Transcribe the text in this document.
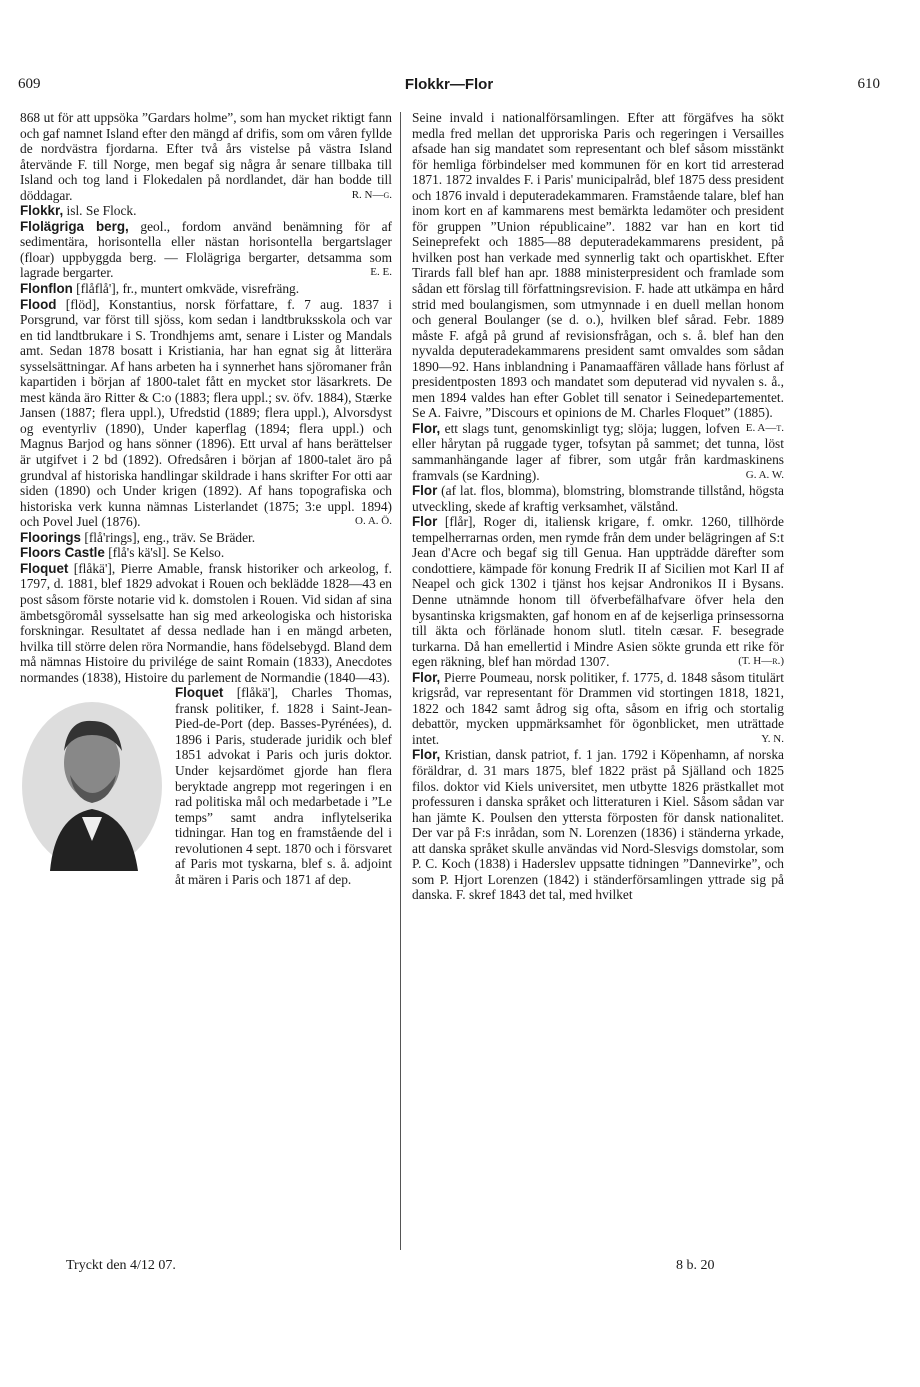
609	Flokkr—Flor	610

868 ut för att uppsöka ”Gardars holme”, som han mycket riktigt fann och gaf namnet Island efter den mängd af drifis, som om våren fyllde de nordvästra fjordarna. Efter två års vistelse på västra Island återvände F. till Norge, men begaf sig några år senare tillbaka till Island och tog land i Flokedalen på nordlandet, där han bodde till döddagar.	R. N—g.

Flokkr, isl. Se Flock.

Flolägriga berg, geol., fordom använd benämning för af sedimentära, horisontella eller nästan horisontella bergartslager (floar) uppbyggda berg. — Flolägriga bergarter, detsamma som lagrade bergarter.	E. E.

Flonflon [flåflå'], fr., muntert omkväde, visrefräng.

Flood [flöd], Konstantius, norsk författare, f. 7 aug. 1837 i Porsgrund, var först till sjöss, kom sedan i landtbruksskola och var en tid landtbrukare i S. Trondhjems amt, senare i Lister og Mandals amt. Sedan 1878 bosatt i Kristiania, har han egnat sig åt litterära sysselsättningar. Af hans arbeten ha i synnerhet hans sjöromaner från kapartiden i början af 1800-talet fått en mycket stor läsarkrets. De mest kända äro Ritter & C:o (1883; flera uppl.; sv. öfv. 1884), Stærke Jansen (1887; flera uppl.), Ufredstid (1889; flera uppl.), Alvorsdyst og eventyrliv (1890), Under kaperflag (1894; flera uppl.) och Magnus Barjod og hans sönner (1896). Ett urval af hans berättelser är utgifvet i 2 bd (1892). Ofredsåren i början af 1800-talet äro på grundval af historiska handlingar skildrade i hans skrifter For otti aar siden (1890) och Under krigen (1892). Af hans topografiska och historiska verk kunna nämnas Listerlandet (1875; 3:e uppl. 1894) och Povel Juel (1876).	O. A. Ö.

Floorings [flå'rings], eng., träv. Se Bräder.

Floors Castle [flå's kä'sl]. Se Kelso.

Floquet [flåkä'], Pierre Amable, fransk historiker och arkeolog, f. 1797, d. 1881, blef 1829 advokat i Rouen och beklädde 1828—43 en post såsom förste notarie vid k. domstolen i Rouen. Vid sidan af sina ämbetsgöromål sysselsatte han sig med arkeologiska och historiska forskningar. Resultatet af dessa nedlade han i en mängd arbeten, hvilka till större delen röra Normandie, hans födelsebygd. Bland dem må nämnas Histoire du privilége de saint Romain (1833), Anecdotes normandes (1838), Histoire du parlement de Normandie (1840—43).

Floquet [flåkä'], Charles Thomas, fransk politiker, f. 1828 i Saint-Jean-Pied-de-Port (dep. Basses-Pyrénées), d. 1896 i Paris, studerade juridik och blef 1851 advokat i Paris och juris doktor. Under kejsardömet gjorde han flera beryktade angrepp mot regeringen i en rad politiska mål och medarbetade i ”Le temps” samt andra inflytelserika tidningar. Han tog en framstående del i revolutionen 4 sept. 1870 och i försvaret af Paris mot tyskarna, blef s. å. adjoint åt mären i Paris och 1871 af dep.

Seine invald i nationalförsamlingen. Efter att förgäfves ha sökt medla fred mellan det upproriska Paris och regeringen i Versailles afsade han sig mandatet som representant och blef såsom misstänkt för hemliga förbindelser med kommunen för en kort tid arresterad 1871. 1872 invaldes F. i Paris' municipalråd, blef 1875 dess president och 1876 invald i deputeradekammaren. Framstående talare, blef han inom kort en af kammarens mest bemärkta ledamöter och president för gruppen ”Union républicaine”. 1882 var han en kort tid Seineprefekt och 1885—88 deputeradekammarens president, på hvilken post han verkade med synnerlig takt och opartiskhet. Efter Tirards fall blef han apr. 1888 ministerpresident och framlade som sådan ett förslag till författningsrevision. F. hade att utkämpa en hård strid med boulangismen, som utmynnade i en duell mellan honom och general Boulanger (se d. o.), hvilken blef sårad. Febr. 1889 måste F. afgå på grund af revisionsfrågan, och s. å. blef han den nyvalda deputeradekammarens president samt omvaldes som sådan 1890—92. Hans inblandning i Panamaaffären vållade hans förlust af presidentposten 1893 och mandatet som deputerad vid nyvalen s. å., men 1894 valdes han efter Goblet till senator i Seinedepartementet. Se A. Faivre, ”Discours et opinions de M. Charles Floquet” (1885).
E. A—t.

Flor, ett slags tunt, genomskinligt tyg; slöja; luggen, lofven eller hårytan på ruggade tyger, tofsytan på sammet; det tunna, löst sammanhängande lager af fibrer, som utgår från kardmaskinens framvals (se Kardning).	G. A. W.

Flor (af lat. flos, blomma), blomstring, blomstrande tillstånd, högsta utveckling, skede af kraftig verksamhet, välstånd.

Flor [flår], Roger di, italiensk krigare, f. omkr. 1260, tillhörde tempelherrarnas orden, men rymde från dem under belägringen af S:t Jean d'Acre och begaf sig till Genua. Han uppträdde därefter som condottiere, kämpade för konung Fredrik II af Sicilien mot Karl II af Neapel och gick 1302 i tjänst hos kejsar Andronikos II i Bysans. Denne utnämnde honom till öfverbefälhafvare öfver hela den bysantinska krigsmakten, gaf honom en af de kejserliga prinsessorna till äkta och förlänade honom slutl. titeln cæsar. F. besegrade turkarna. Då han emellertid i Mindre Asien sökte grunda ett rike för egen räkning, blef han mördad 1307.	(T. H—r.)

Flor, Pierre Poumeau, norsk politiker, f. 1775, d. 1848 såsom titulärt krigsråd, var representant för Drammen vid stortingen 1818, 1821, 1822 och 1842 samt ådrog sig ofta, såsom en ifrig och stortalig debattör, mycken uppmärksamhet för ögonblicket, men uträttade intet.	Y. N.

Flor, Kristian, dansk patriot, f. 1 jan. 1792 i Köpenhamn, af norska föräldrar, d. 31 mars 1875, blef 1822 präst på Själland och 1825 filos. doktor vid Kiels universitet, men utbytte 1826 prästkallet mot professuren i danska språket och litteraturen i Kiel. Såsom sådan var han jämte K. Poulsen den yttersta förposten för dansk nationalitet. Der var på F:s inrådan, som N. Lorenzen (1836) i ständerna yrkade, att danska språket skulle användas vid Nord-Slesvigs domstolar, som P. C. Koch (1838) i Haderslev uppsatte tidningen ”Dannevirke”, och som P. Hjort Lorenzen (1842) i ständerförsamlingen yttrade sig på danska. F. skref 1843 det tal, med hvilket

Tryckt den 4/12 07.	8 b. 20
